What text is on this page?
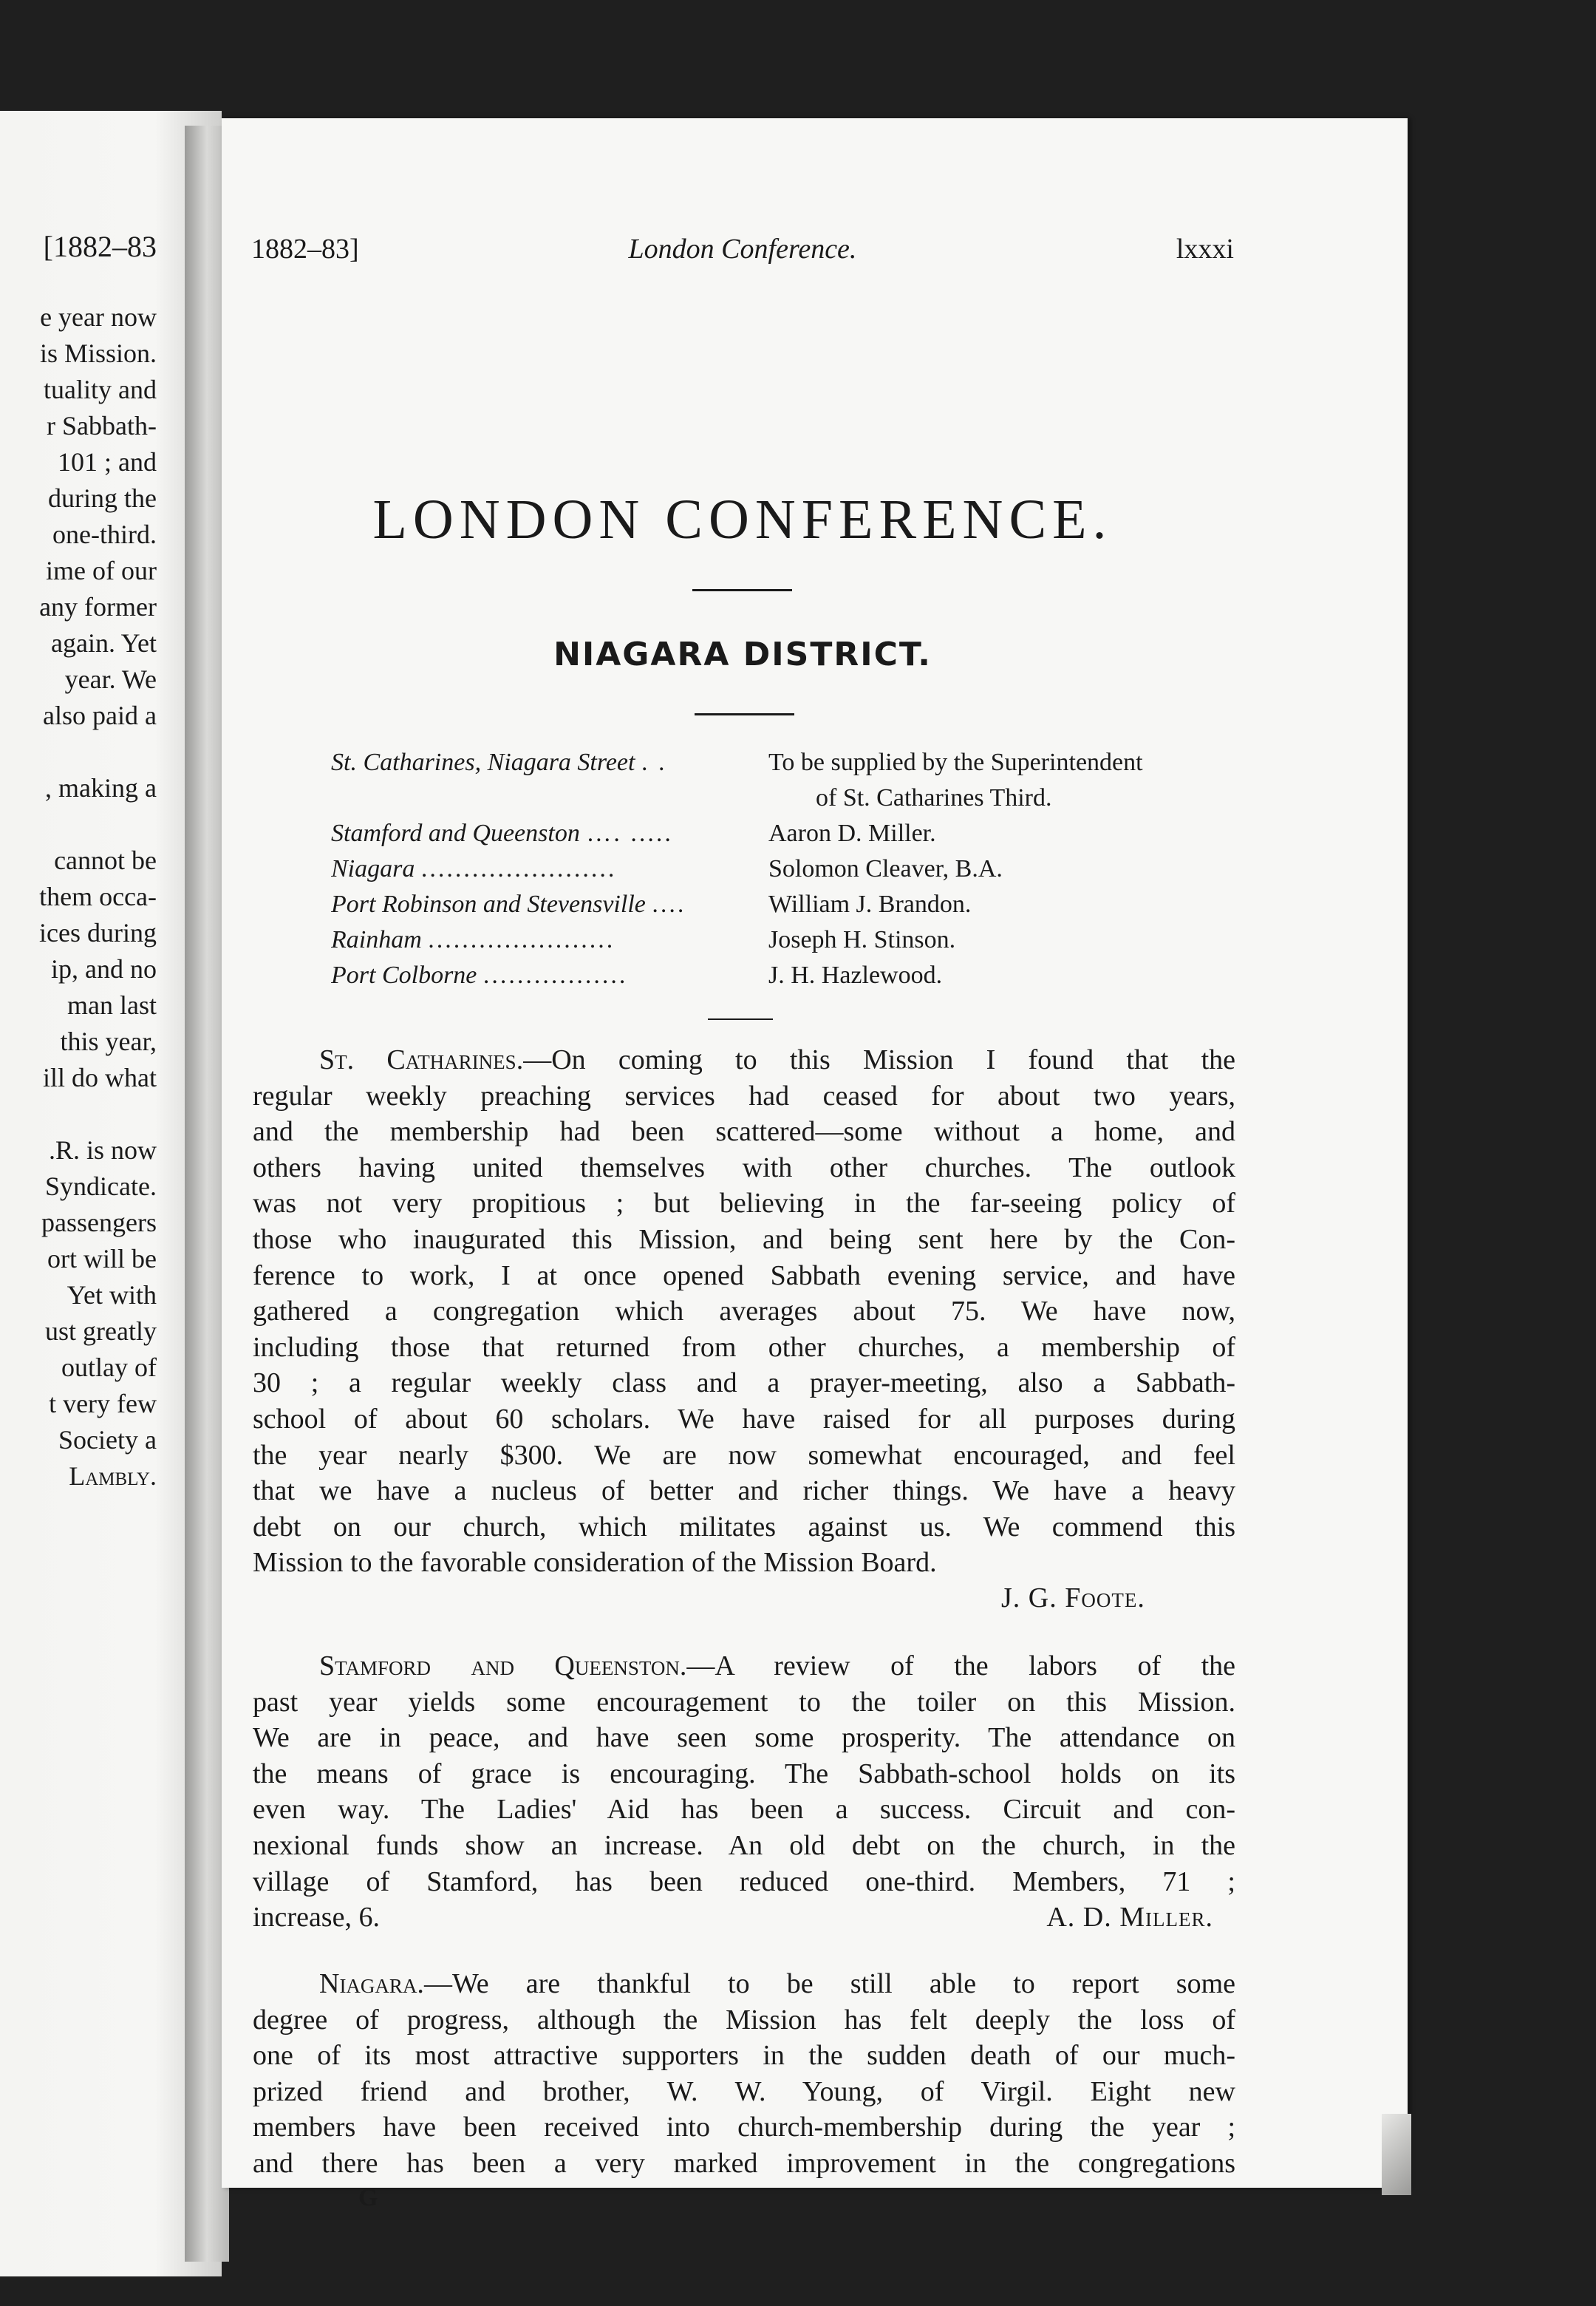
[1882–83
e year now
is Mission.
tuality and
r Sabbath-
101 ; and
during the
one-third.
ime of our
any former
again. Yet
year. We
also paid a
, making a
cannot be
them occa-
ices during
ip, and no
man last
this year,
ill do what
.R. is now
Syndicate.
passengers
ort will be
Yet with
ust greatly
outlay of
t very few
Society a
Lambly.
1882–83]	London Conference.	lxxxi
LONDON CONFERENCE.
NIAGARA DISTRICT.
St. Catharines, Niagara Street . .	To be supplied by the Superintendent
of St. Catharines Third.
Stamford and Queenston …. .....	Aaron D. Miller.
Niagara .......................	Solomon Cleaver, B.A.
Port Robinson and Stevensville ....	William J. Brandon.
Rainham ......................	Joseph H. Stinson.
Port Colborne .................	J. H. Hazlewood.
St. Catharines.—On coming to this Mission I found that the
regular weekly preaching services had ceased for about two years,
and the membership had been scattered—some without a home, and
others having united themselves with other churches. The outlook
was not very propitious ; but believing in the far-seeing policy of
those who inaugurated this Mission, and being sent here by the Con-
ference to work, I at once opened Sabbath evening service, and have
gathered a congregation which averages about 75. We have now,
including those that returned from other churches, a membership of
30 ; a regular weekly class and a prayer-meeting, also a Sabbath-
school of about 60 scholars. We have raised for all purposes during
the year nearly $300. We are now somewhat encouraged, and feel
that we have a nucleus of better and richer things. We have a heavy
debt on our church, which militates against us. We commend this
Mission to the favorable consideration of the Mission Board.
J. G. Foote.
Stamford and Queenston.—A review of the labors of the
past year yields some encouragement to the toiler on this Mission.
We are in peace, and have seen some prosperity. The attendance on
the means of grace is encouraging. The Sabbath-school holds on its
even way. The Ladies' Aid has been a success. Circuit and con-
nexional funds show an increase. An old debt on the church, in the
village of Stamford, has been reduced one-third. Members, 71 ;
increase, 6.	A. D. Miller.
Niagara.—We are thankful to be still able to report some
degree of progress, although the Mission has felt deeply the loss of
one of its most attractive supporters in the sudden death of our much-
prized friend and brother, W. W. Young, of Virgil. Eight new
members have been received into church-membership during the year ;
and there has been a very marked improvement in the congregations
G
